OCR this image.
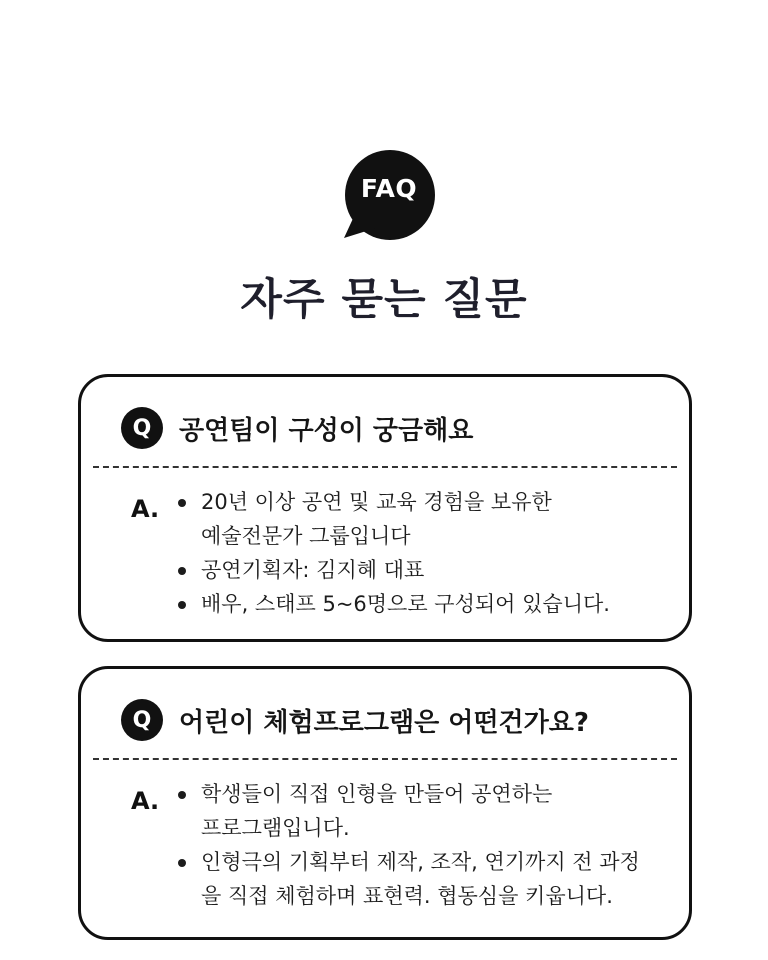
FAQ
자주 묻는 질문
Q	공연팀이 구성이 궁금해요
A. 20년 이상 공연 및 교육 경험을 보유한
예술전문가 그룹입니다
공연기획자: 김지혜 대표
배우, 스태프 5~6명으로 구성되어 있습니다.
Q	어린이 체험프로그램은 어떤건가요?
A. 학생들이 직접 인형을 만들어 공연하는
프로그램입니다.
인형극의 기획부터 제작, 조작, 연기까지 전 과정
을 직접 체험하며 표현력. 협동심을 키웁니다.
